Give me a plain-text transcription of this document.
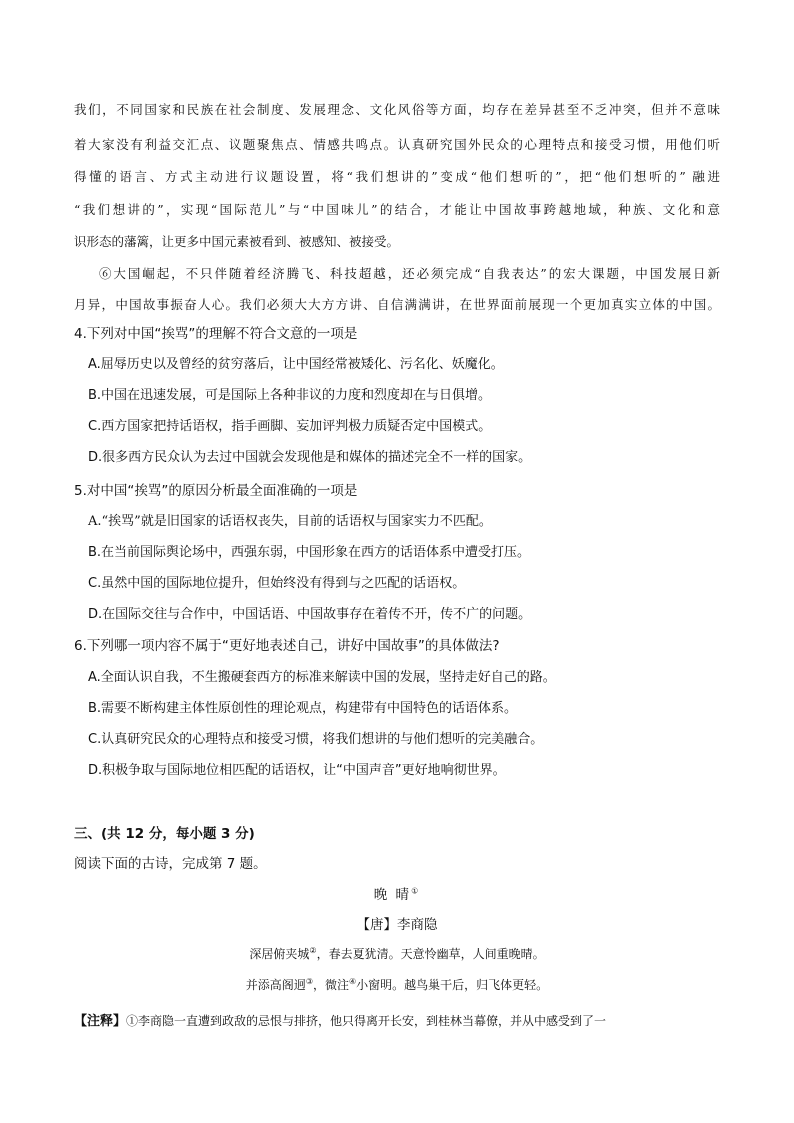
我们，不同国家和民族在社会制度、发展理念、文化风俗等方面，均存在差异甚至不乏冲突，但并不意味
着大家没有利益交汇点、议题聚焦点、情感共鸣点。认真研究国外民众的心理特点和接受习惯，用他们听
得懂的语言、方式主动进行议题设置，将“我们想讲的”变成“他们想听的”，把“他们想听的” 融进
“我们想讲的”，实现“国际范儿”与“中国味儿”的结合，才能让中国故事跨越地域，种族、文化和意
识形态的藩篱，让更多中国元素被看到、被感知、被接受。
⑥大国崛起，不只伴随着经济腾飞、科技超越，还必须完成“自我表达”的宏大课题，中国发展日新
月异，中国故事振奋人心。我们必须大大方方讲、自信满满讲，在世界面前展现一个更加真实立体的中国。
4.下列对中国“挨骂”的理解不符合文意的一项是
A.屈辱历史以及曾经的贫穷落后，让中国经常被矮化、污名化、妖魔化。
B.中国在迅速发展，可是国际上各种非议的力度和烈度却在与日俱增。
C.西方国家把持话语权，指手画脚、妄加评判极力质疑否定中国模式。
D.很多西方民众认为去过中国就会发现他是和媒体的描述完全不一样的国家。
5.对中国“挨骂”的原因分析最全面准确的一项是
A.“挨骂”就是旧国家的话语权丧失，目前的话语权与国家实力不匹配。
B.在当前国际舆论场中，西强东弱，中国形象在西方的话语体系中遭受打压。
C.虽然中国的国际地位提升，但始终没有得到与之匹配的话语权。
D.在国际交往与合作中，中国话语、中国故事存在着传不开，传不广的问题。
6.下列哪一项内容不属于“更好地表述自己，讲好中国故事”的具体做法?
A.全面认识自我，不生搬硬套西方的标准来解读中国的发展，坚持走好自己的路。
B.需要不断构建主体性原创性的理论观点，构建带有中国特色的话语体系。
C.认真研究民众的心理特点和接受习惯，将我们想讲的与他们想听的完美融合。
D.积极争取与国际地位相匹配的话语权，让“中国声音”更好地响彻世界。
三、(共 12 分，每小题 3 分)
阅读下面的古诗，完成第 7 题。
晚 晴①
【唐】李商隐
深居俯夹城②，春去夏犹清。天意怜幽草，人间重晚晴。
并添高阁迥③，微注④小窗明。越鸟巢干后，归飞体更轻。
【注释】①李商隐一直遭到政敌的忌恨与排挤，他只得离开长安，到桂林当幕僚，并从中感受到了一
